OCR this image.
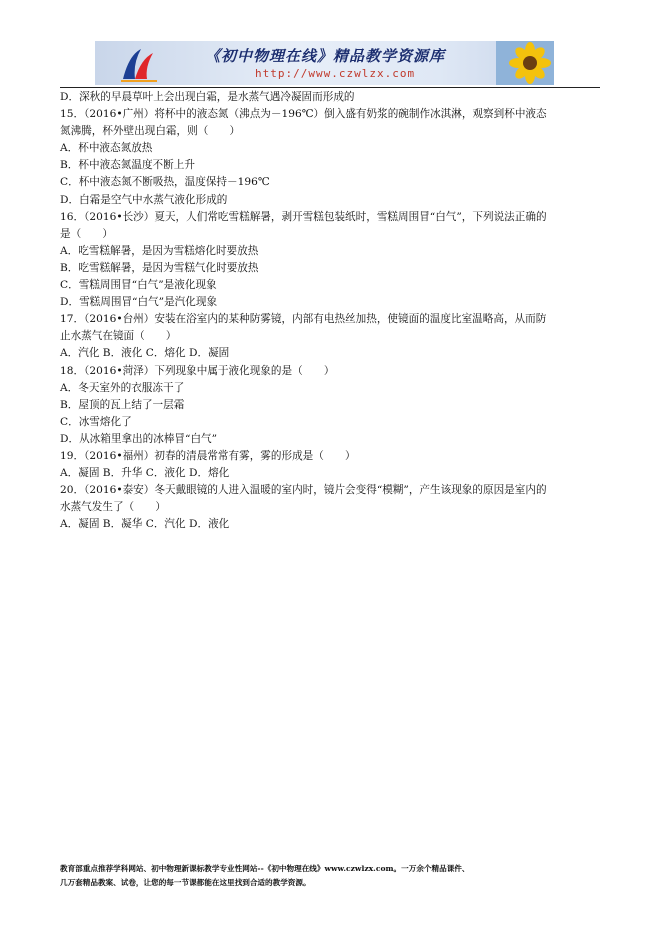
《初中物理在线》精品教学资源库
http://www.czwlzx.com
D．深秋的早晨草叶上会出现白霜，是水蒸气遇冷凝固而形成的
15．（2016•广州）将杯中的液态氮（沸点为－196℃）倒入盛有奶浆的碗制作冰淇淋，观察到杯中液态
氮沸腾，杯外壁出现白霜，则（　　）
A．杯中液态氮放热
B．杯中液态氮温度不断上升
C．杯中液态氮不断吸热，温度保持－196℃
D．白霜是空气中水蒸气液化形成的
16．（2016•长沙）夏天，人们常吃雪糕解暑，剥开雪糕包装纸时，雪糕周围冒“白气”，下列说法正确的
是（　　）
A．吃雪糕解暑，是因为雪糕熔化时要放热
B．吃雪糕解暑，是因为雪糕气化时要放热
C．雪糕周围冒“白气”是液化现象
D．雪糕周围冒“白气”是汽化现象
17．（2016•台州）安装在浴室内的某种防雾镜，内部有电热丝加热，使镜面的温度比室温略高，从而防
止水蒸气在镜面（　　）
A．汽化 B．液化 C．熔化 D．凝固
18．（2016•菏泽）下列现象中属于液化现象的是（　　）
A．冬天室外的衣服冻干了
B．屋顶的瓦上结了一层霜
C．冰雪熔化了
D．从冰箱里拿出的冰棒冒“白气”
19．（2016•福州）初春的清晨常常有雾，雾的形成是（　　）
A．凝固 B．升华 C．液化 D．熔化
20．（2016•泰安）冬天戴眼镜的人进入温暖的室内时，镜片会变得“模糊”，产生该现象的原因是室内的
水蒸气发生了（　　）
A．凝固 B．凝华 C．汽化 D．液化
教育部重点推荐学科网站、初中物理新课标教学专业性网站--《初中物理在线》www.czwlzx.com。一万余个精品课件、
几万套精品教案、试卷，让您的每一节课都能在这里找到合适的教学资源。
